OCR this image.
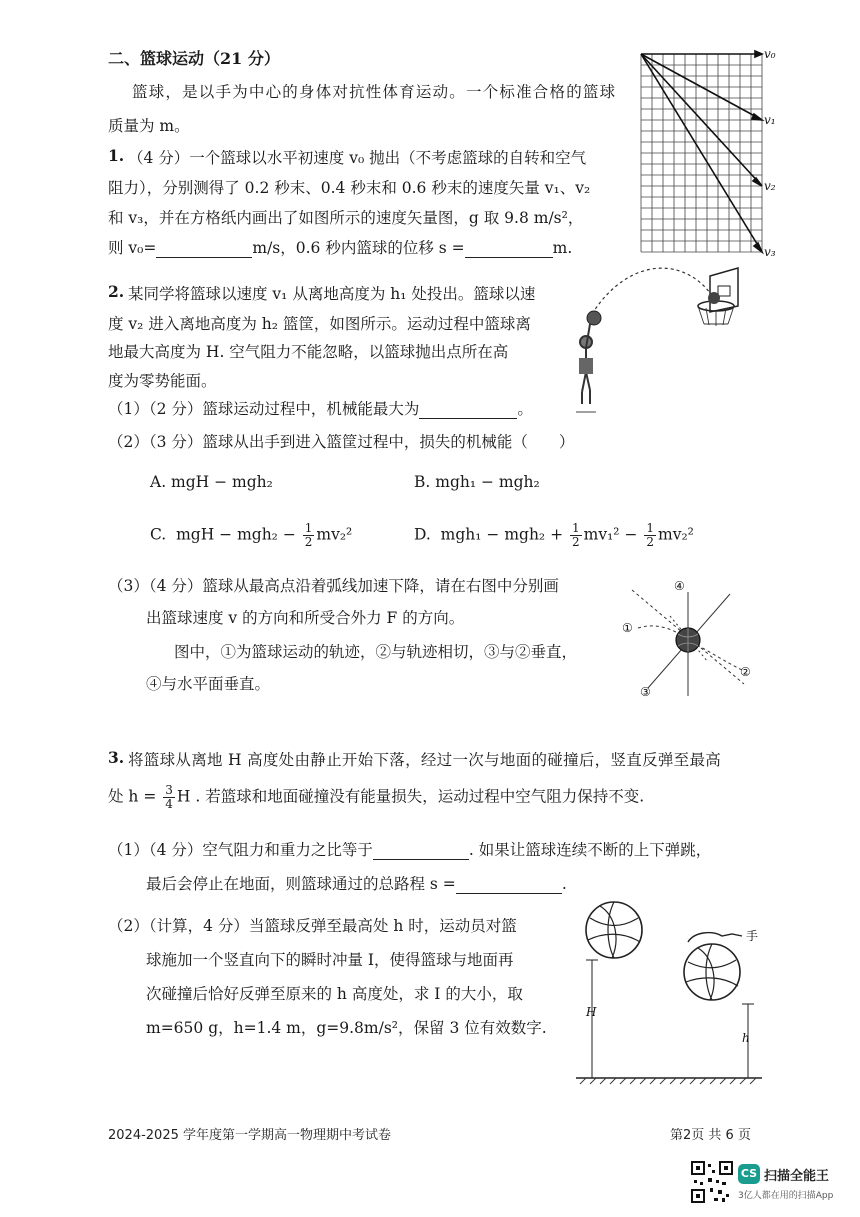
二、篮球运动（21 分）
篮球，是以手为中心的身体对抗性体育运动。一个标准合格的篮球
质量为 m。
1. （4 分）一个篮球以水平初速度 v₀ 抛出（不考虑篮球的自转和空气
阻力），分别测得了 0.2 秒末、0.4 秒末和 0.6 秒末的速度矢量 v₁、v₂
和 v₃，并在方格纸内画出了如图所示的速度矢量图，g 取 9.8 m/s²，
则 v₀=	m/s，0.6 秒内篮球的位移 s =	m.
v₀
v₁
v₂
v₃
2. 某同学将篮球以速度 v₁ 从离地高度为 h₁ 处投出。篮球以速
度 v₂ 进入离地高度为 h₂ 篮筐，如图所示。运动过程中篮球离
地最大高度为 H. 空气阻力不能忽略，以篮球抛出点所在高
度为零势能面。
（1）（2 分）篮球运动过程中，机械能最大为	。
（2）（3 分）篮球从出手到进入篮筐过程中，损失的机械能（　　）
A. mgH − mgh₂	B. mgh₁ − mgh₂
C. mgH − $mgh_2 - \frac{1}{2} mv_2^2$	D. $mgh_1 - mgh_2 + \frac{1}{2} mv_1^2 - \frac{1}{2} mv_2^2$
（3）（4 分）篮球从最高点沿着弧线加速下降，请在右图中分别画
出篮球速度 v 的方向和所受合外力 F 的方向。
图中，①为篮球运动的轨迹，②与轨迹相切，③与②垂直，
④与水平面垂直。
④
①
②
③
3. 将篮球从离地 H 高度处由静止开始下落，经过一次与地面的碰撞后，竖直反弹至最高
处 $h = \frac{3}{4}$ H . 若篮球和地面碰撞没有能量损失，运动过程中空气阻力保持不变.
（1）（4 分）空气阻力和重力之比等于	. 如果让篮球连续不断的上下弹跳，
最后会停止在地面，则篮球通过的总路程 s =	.
（2）（计算，4 分）当篮球反弹至最高处 h 时，运动员对篮
球施加一个竖直向下的瞬时冲量 I，使得篮球与地面再
次碰撞后恰好反弹至原来的 h 高度处，求 I 的大小，取
m=650 g，h=1.4 m，g=9.8m/s²，保留 3 位有效数字.
手
H
h
2024-2025 学年度第一学期高一物理期中考试卷	第2页 共 6 页
CS 扫描全能王
3亿人都在用的扫描App
